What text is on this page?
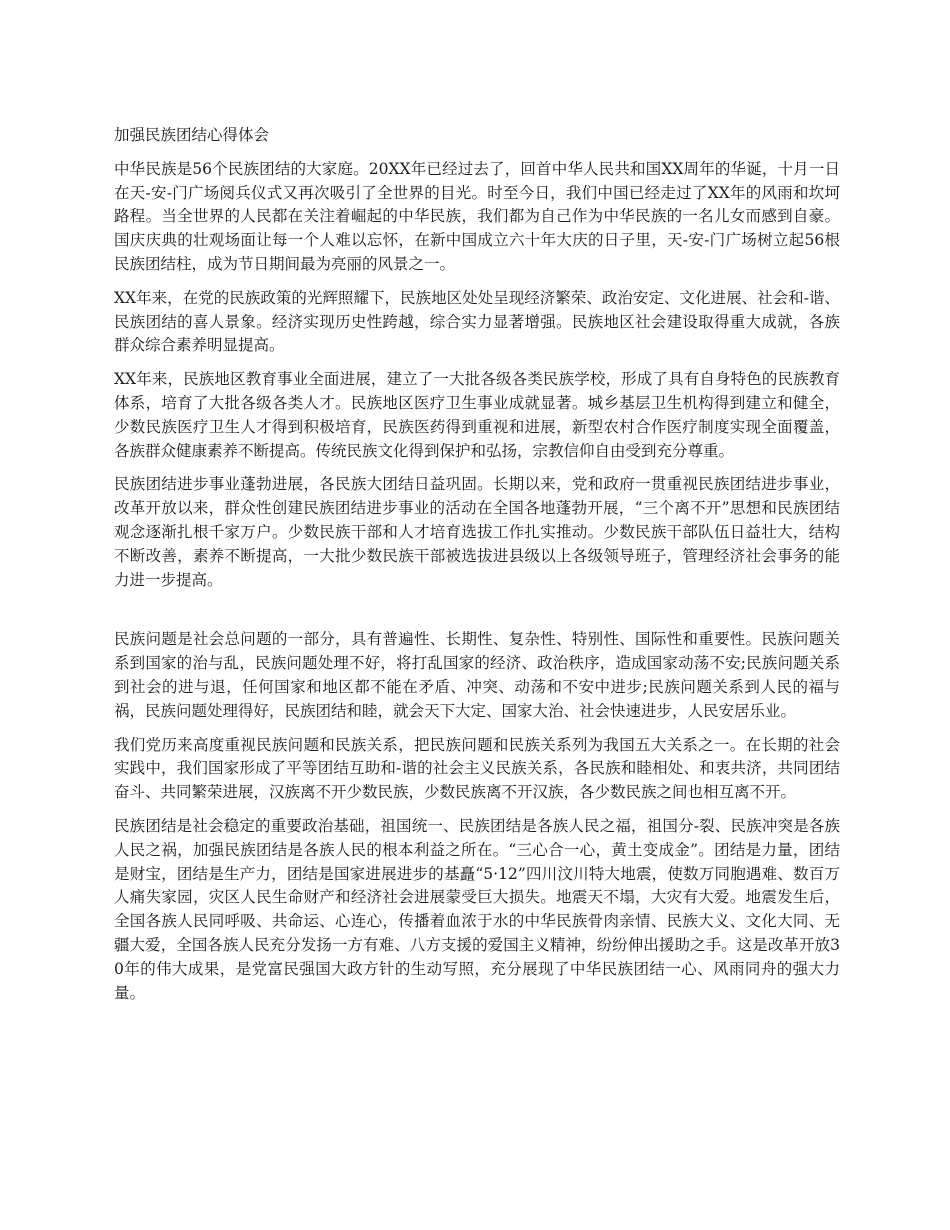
加强民族团结心得体会

中华民族是56个民族团结的大家庭。20XX年已经过去了，回首中华人民共和国XX周年的华诞，十月一日在天-安-门广场阅兵仪式又再次吸引了全世界的目光。时至今日，我们中国已经走过了XX年的风雨和坎坷路程。当全世界的人民都在关注着崛起的中华民族，我们都为自己作为中华民族的一名儿女而感到自豪。国庆庆典的壮观场面让每一个人难以忘怀，在新中国成立六十年大庆的日子里，天-安-门广场树立起56根民族团结柱，成为节日期间最为亮丽的风景之一。

XX年来，在党的民族政策的光辉照耀下，民族地区处处呈现经济繁荣、政治安定、文化进展、社会和-谐、民族团结的喜人景象。经济实现历史性跨越，综合实力显著增强。民族地区社会建设取得重大成就，各族群众综合素养明显提高。

XX年来，民族地区教育事业全面进展，建立了一大批各级各类民族学校，形成了具有自身特色的民族教育体系，培育了大批各级各类人才。民族地区医疗卫生事业成就显著。城乡基层卫生机构得到建立和健全，少数民族医疗卫生人才得到积极培育，民族医药得到重视和进展，新型农村合作医疗制度实现全面覆盖，各族群众健康素养不断提高。传统民族文化得到保护和弘扬，宗教信仰自由受到充分尊重。

民族团结进步事业蓬勃进展，各民族大团结日益巩固。长期以来，党和政府一贯重视民族团结进步事业，改革开放以来，群众性创建民族团结进步事业的活动在全国各地蓬勃开展，“三个离不开”思想和民族团结观念逐渐扎根千家万户。少数民族干部和人才培育选拔工作扎实推动。少数民族干部队伍日益壮大，结构不断改善，素养不断提高，一大批少数民族干部被选拔进县级以上各级领导班子，管理经济社会事务的能力进一步提高。

民族问题是社会总问题的一部分，具有普遍性、长期性、复杂性、特别性、国际性和重要性。民族问题关系到国家的治与乱，民族问题处理不好，将打乱国家的经济、政治秩序，造成国家动荡不安;民族问题关系到社会的进与退，任何国家和地区都不能在矛盾、冲突、动荡和不安中进步;民族问题关系到人民的福与祸，民族问题处理得好，民族团结和睦，就会天下大定、国家大治、社会快速进步，人民安居乐业。

我们党历来高度重视民族问题和民族关系，把民族问题和民族关系列为我国五大关系之一。在长期的社会实践中，我们国家形成了平等团结互助和-谐的社会主义民族关系，各民族和睦相处、和衷共济，共同团结奋斗、共同繁荣进展，汉族离不开少数民族，少数民族离不开汉族，各少数民族之间也相互离不开。

民族团结是社会稳定的重要政治基础，祖国统一、民族团结是各族人民之福，祖国分-裂、民族冲突是各族人民之祸，加强民族团结是各族人民的根本利益之所在。“三心合一心，黄土变成金”。团结是力量，团结是财宝，团结是生产力，团结是国家进展进步的基矗“5·12”四川汶川特大地震，使数万同胞遇难、数百万人痛失家园，灾区人民生命财产和经济社会进展蒙受巨大损失。地震天不塌，大灾有大爱。地震发生后，全国各族人民同呼吸、共命运、心连心，传播着血浓于水的中华民族骨肉亲情、民族大义、文化大同、无疆大爱，全国各族人民充分发扬一方有难、八方支援的爱国主义精神，纷纷伸出援助之手。这是改革开放30年的伟大成果，是党富民强国大政方针的生动写照，充分展现了中华民族团结一心、风雨同舟的强大力量。
